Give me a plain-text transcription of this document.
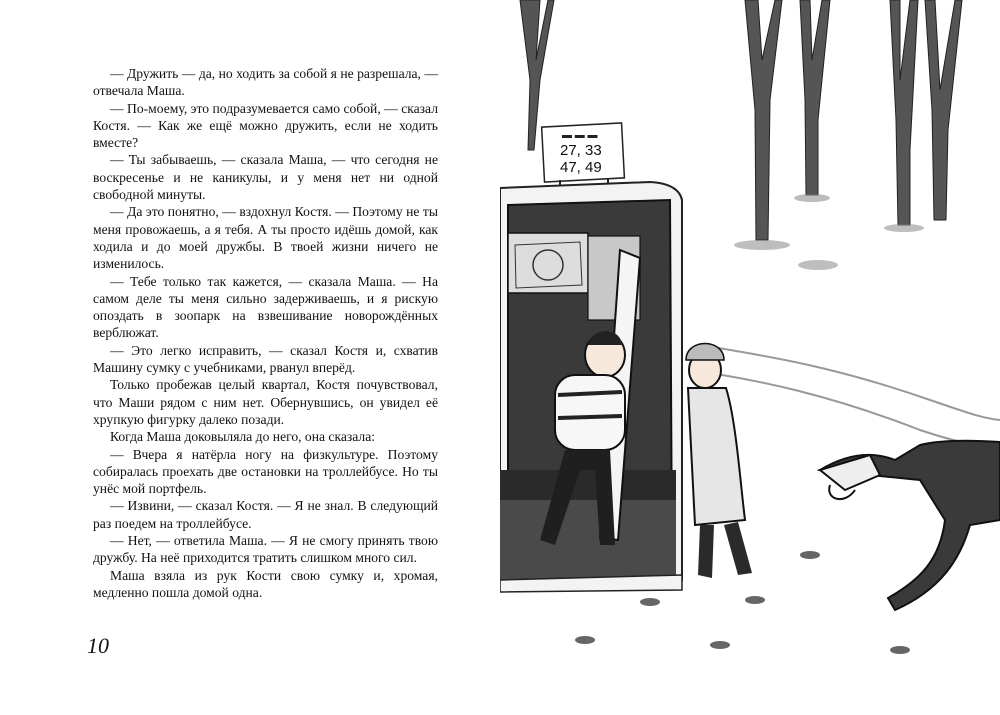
— Дружить — да, но ходить за собой я не разрешала, — отвечала Маша.

— По-моему, это подразумевается само собой, — сказал Костя. — Как же ещё можно дружить, если не ходить вместе?

— Ты забываешь, — сказала Маша, — что сегодня не воскресенье и не каникулы, и у меня нет ни одной свободной минуты.

— Да это понятно, — вздохнул Костя. — Поэтому не ты меня провожаешь, а я тебя. А ты просто идёшь домой, как ходила и до моей дружбы. В твоей жизни ничего не изменилось.

— Тебе только так кажется, — сказала Маша. — На самом деле ты меня сильно задерживаешь, и я рискую опоздать в зоопарк на взвешивание новорождённых верблюжат.

— Это легко исправить, — сказал Костя и, схватив Машину сумку с учебниками, рванул вперёд.

Только пробежав целый квартал, Костя почувствовал, что Маши рядом с ним нет. Обернувшись, он увидел её хрупкую фигурку далеко позади.

Когда Маша доковыляла до него, она сказала:

— Вчера я натёрла ногу на физкультуре. Поэтому собиралась проехать две остановки на троллейбусе. Но ты унёс мой портфель.

— Извини, — сказал Костя. — Я не знал. В следующий раз поедем на троллейбусе.

— Нет, — ответила Маша. — Я не смогу принять твою дружбу. На неё приходится тратить слишком много сил.

Маша взяла из рук Кости свою сумку и, хромая, медленно пошла домой одна.

10
▬ ▬ ▬
27, 33
47, 49
